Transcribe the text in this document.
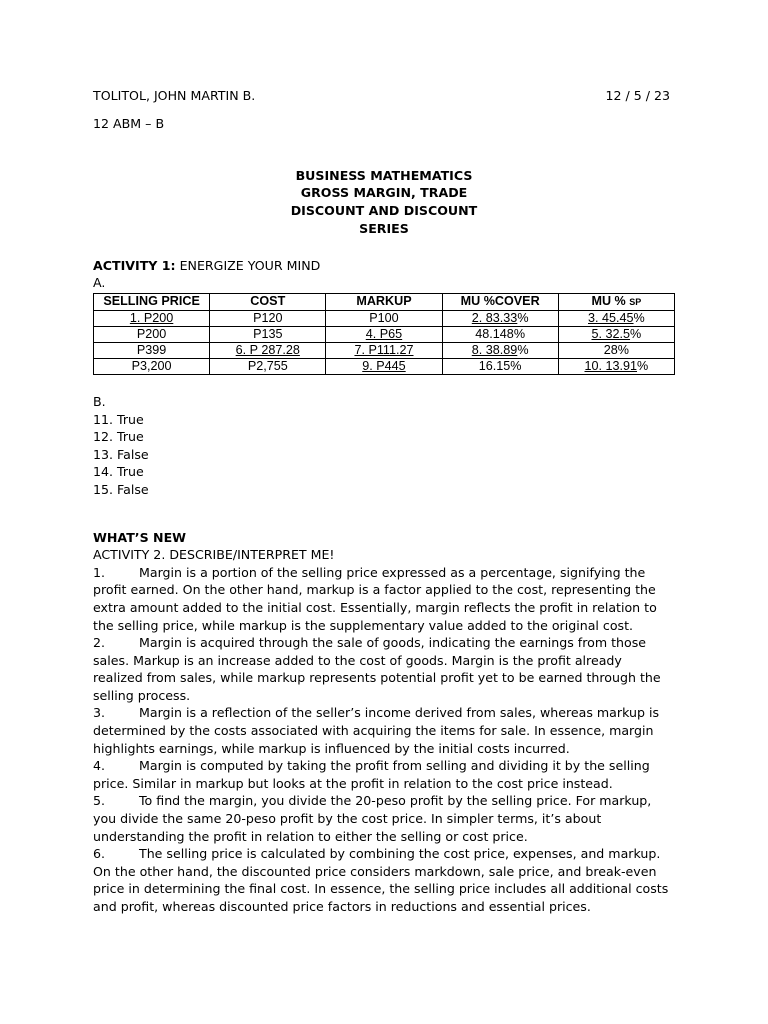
TOLITOL, JOHN MARTIN B.	12 / 5 / 23
12 ABM – B
BUSINESS MATHEMATICS
GROSS MARGIN, TRADE
DISCOUNT AND DISCOUNT
SERIES
ACTIVITY 1: ENERGIZE YOUR MIND
A.
SELLING PRICE	COST	MARKUP	MU %COVER	MU % SP
1. P200	P120	P100	2. 83.33%	3. 45.45%
P200	P135	4. P65	48.148%	5. 32.5%
P399	6. P 287.28	7. P111.27	8. 38.89%	28%
P3,200	P2,755	9. P445	16.15%	10. 13.91%
B.
11. True
12. True
13. False
14. True
15. False
WHAT’S NEW
ACTIVITY 2. DESCRIBE/INTERPRET ME!

1.	Margin is a portion of the selling price expressed as a percentage, signifying the profit earned. On the other hand, markup is a factor applied to the cost, representing the extra amount added to the initial cost. Essentially, margin reflects the profit in relation to the selling price, while markup is the supplementary value added to the original cost.

2.	Margin is acquired through the sale of goods, indicating the earnings from those sales. Markup is an increase added to the cost of goods. Margin is the profit already realized from sales, while markup represents potential profit yet to be earned through the selling process.

3.	Margin is a reflection of the seller’s income derived from sales, whereas markup is determined by the costs associated with acquiring the items for sale. In essence, margin highlights earnings, while markup is influenced by the initial costs incurred.

4.	Margin is computed by taking the profit from selling and dividing it by the selling price. Similar in markup but looks at the profit in relation to the cost price instead.

5.	To find the margin, you divide the 20-peso profit by the selling price. For markup, you divide the same 20-peso profit by the cost price. In simpler terms, it’s about understanding the profit in relation to either the selling or cost price.

6.	The selling price is calculated by combining the cost price, expenses, and markup. On the other hand, the discounted price considers markdown, sale price, and break-even price in determining the final cost. In essence, the selling price includes all additional costs and profit, whereas discounted price factors in reductions and essential prices.
